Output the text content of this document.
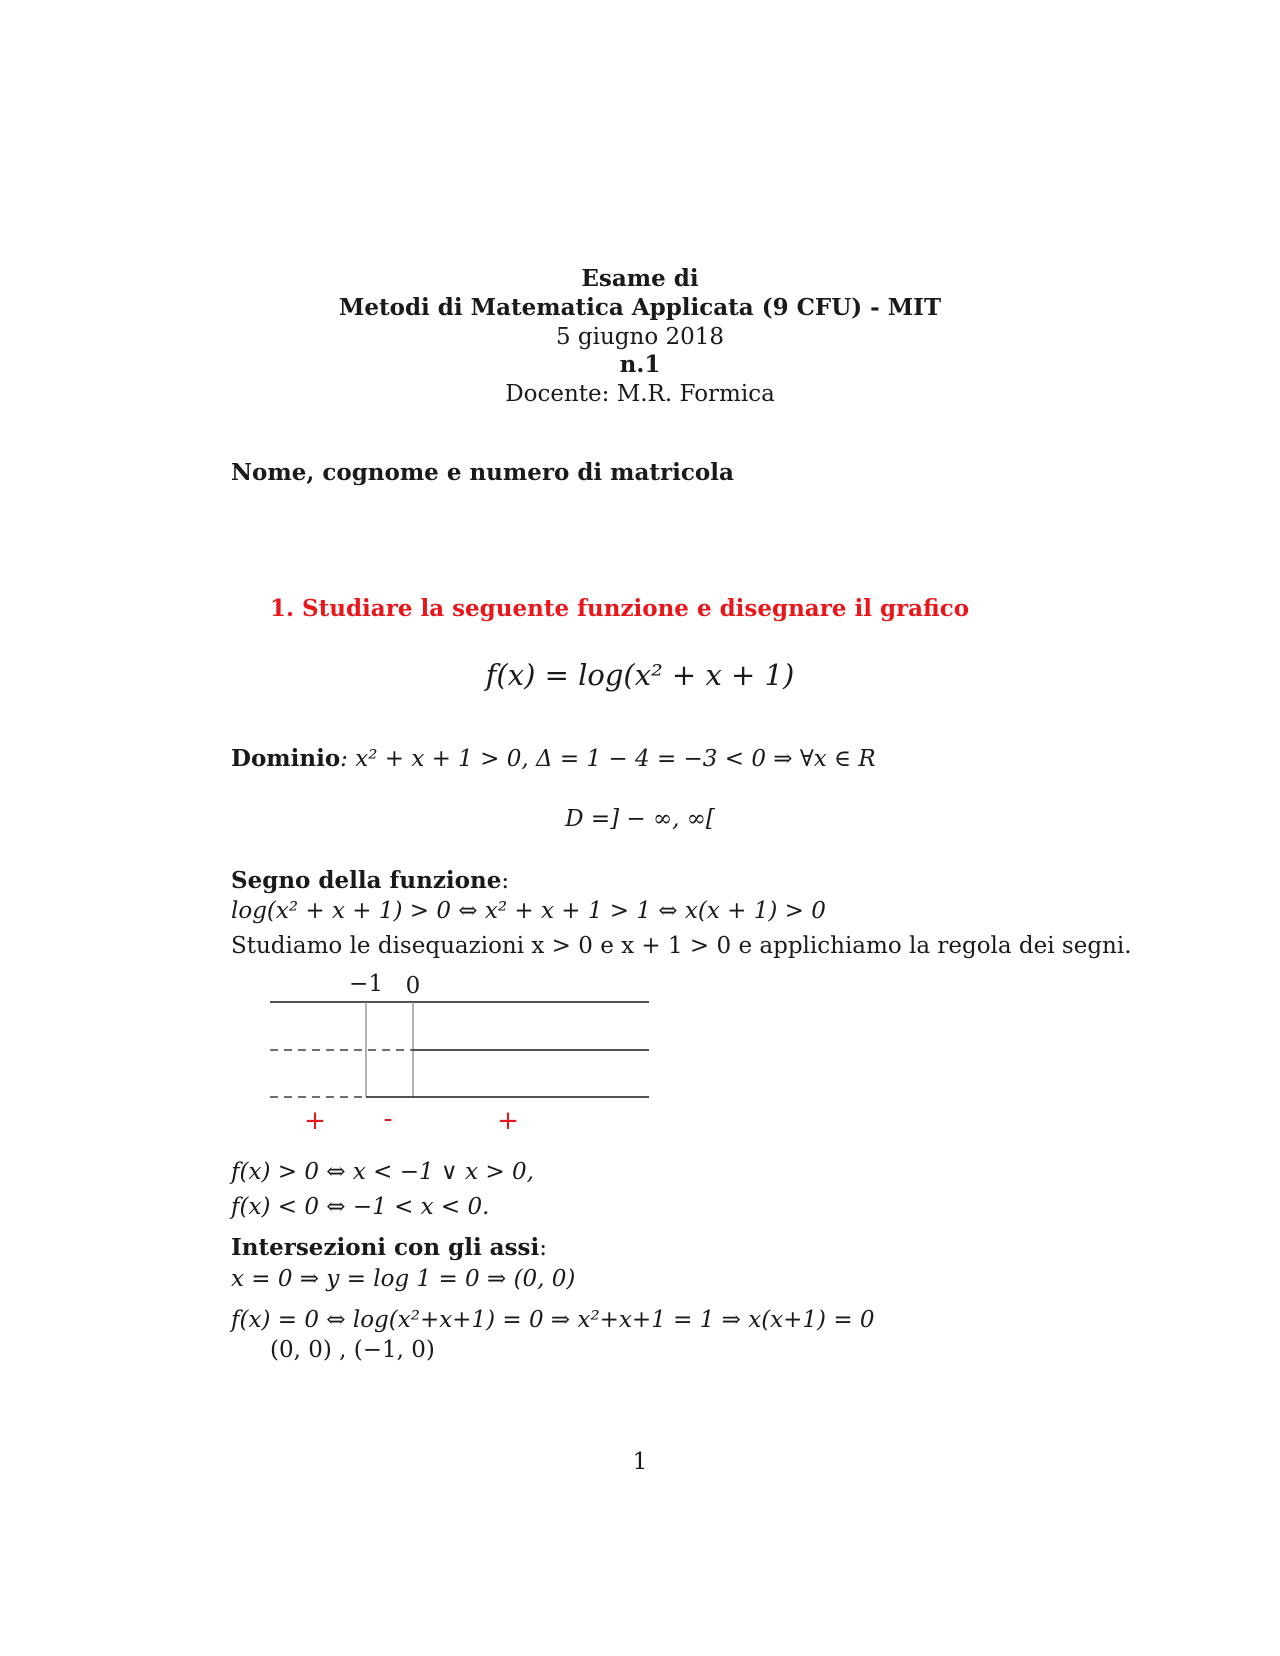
Esame di
Metodi di Matematica Applicata (9 CFU) - MIT
5 giugno 2018
n.1
Docente: M.R. Formica
Nome, cognome e numero di matricola
1. Studiare la seguente funzione e disegnare il grafico
f(x) = log(x² + x + 1)
Dominio: x² + x + 1 > 0, Δ = 1 − 4 = −3 < 0 ⇒ ∀x ∈ R
D =] − ∞, ∞[
Segno della funzione:
log(x² + x + 1) > 0 ⇔ x² + x + 1 > 1 ⇔ x(x + 1) > 0
Studiamo le disequazioni x > 0 e x + 1 > 0 e applichiamo la regola dei segni.
−1 0
+ -	+
f(x) > 0 ⇔ x < −1 ∨ x > 0,
f(x) < 0 ⇔ −1 < x < 0.
Intersezioni con gli assi:
x = 0 ⇒ y = log 1 = 0 ⇒ (0, 0)
f(x) = 0 ⇔ log(x²+x+1) = 0 ⇒ x²+x+1 = 1 ⇒ x(x+1) = 0
(0, 0) , (−1, 0)
1
